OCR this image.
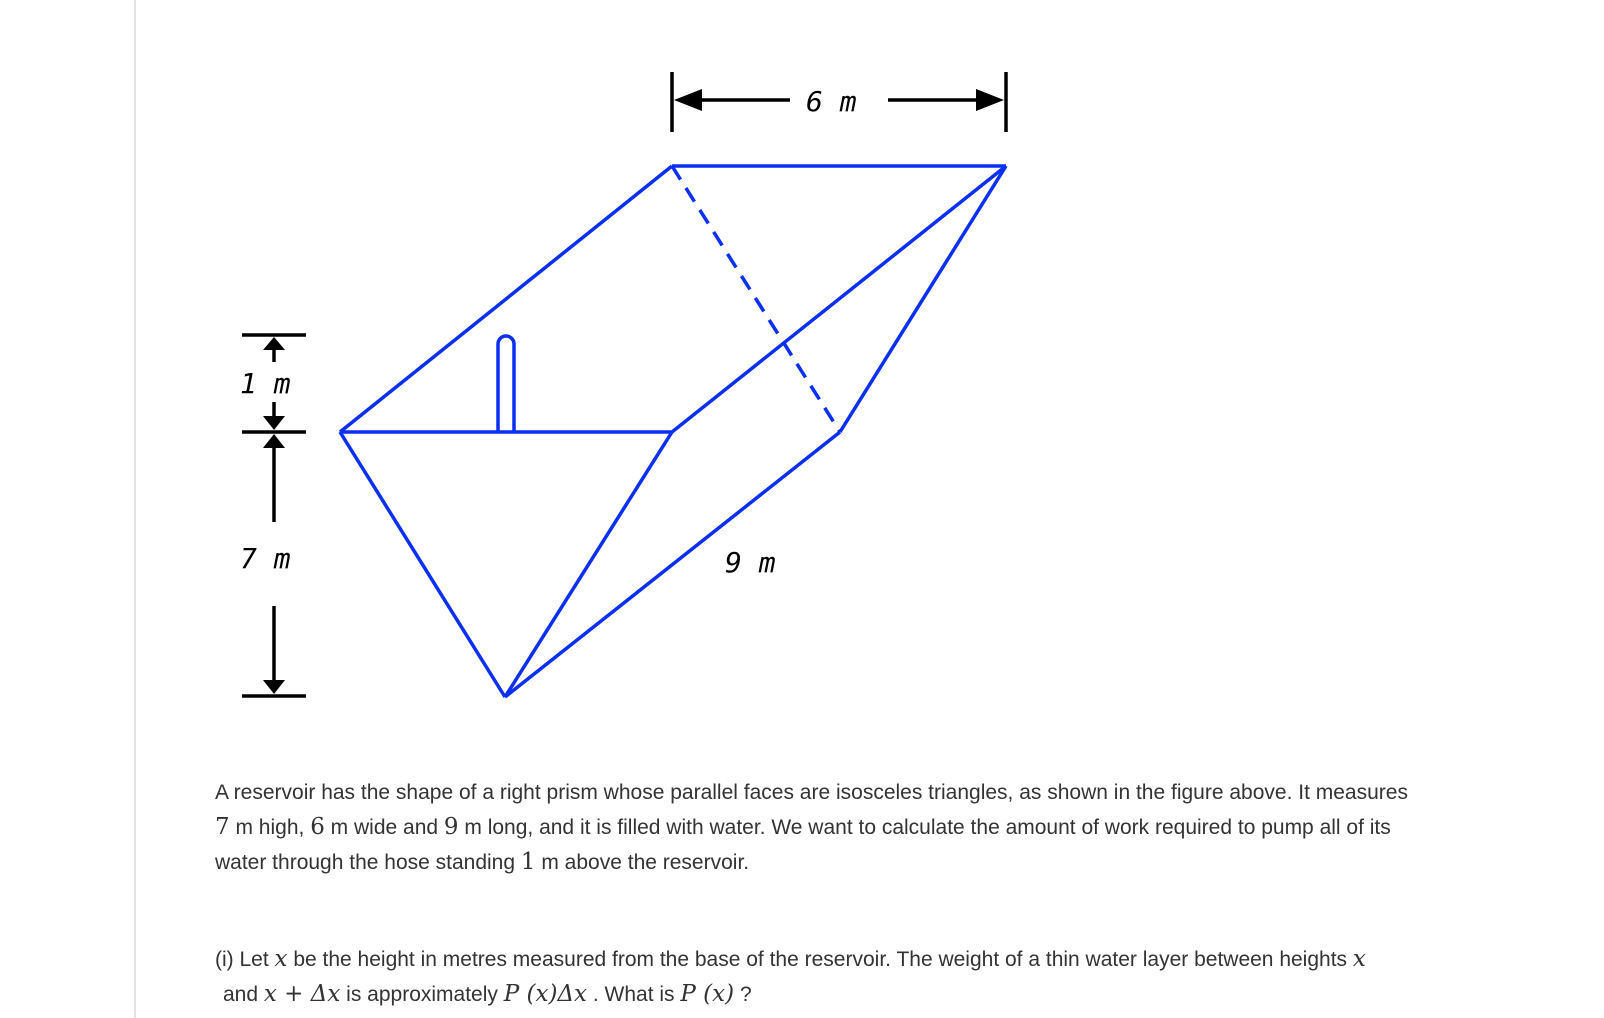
6 m
1 m
7 m	9 m

A reservoir has the shape of a right prism whose parallel faces are isosceles triangles, as shown in the figure above. It measures
7 m high, 6 m wide and 9 m long, and it is filled with water. We want to calculate the amount of work required to pump all of its
water through the hose standing 1 m above the reservoir.

(i) Let x be the height in metres measured from the base of the reservoir. The weight of a thin water layer between heights x
and x + Δx is approximately P (x)Δx . What is P (x) ?
